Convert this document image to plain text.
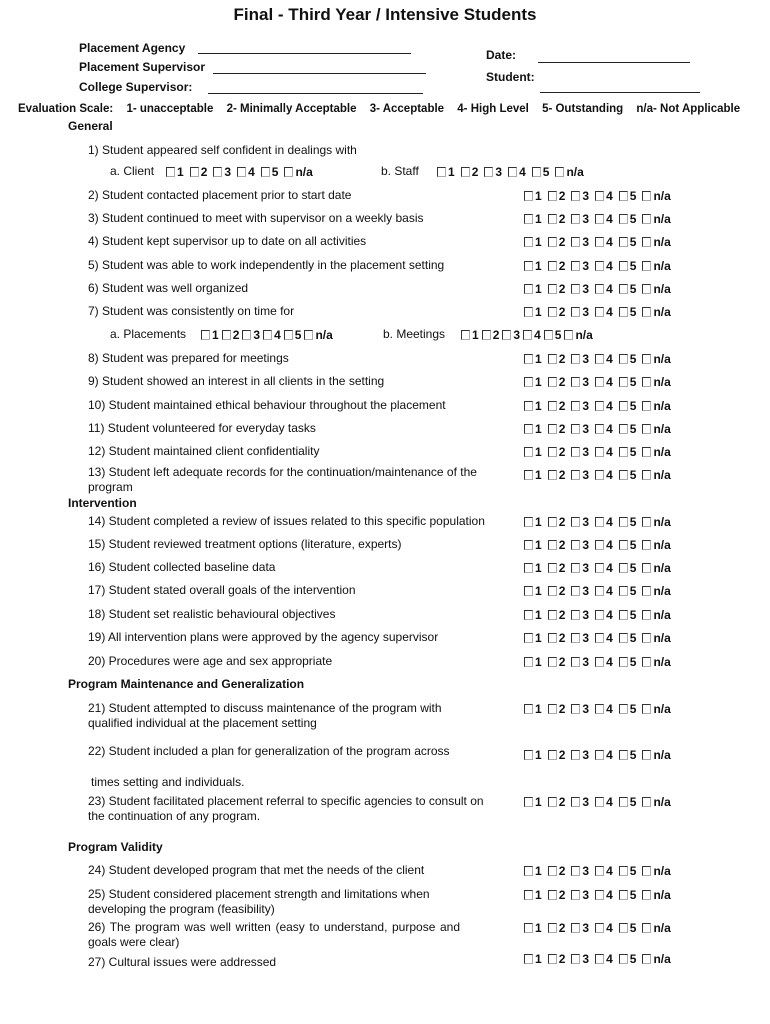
Final - Third Year / Intensive Students
Placement Agency
Placement Supervisor
College Supervisor:
Date:
Student:
Evaluation Scale: 1- unacceptable 2- Minimally Acceptable 3- Acceptable 4- High Level 5- Outstanding n/a- Not Applicable
General
1) Student appeared self confident in dealings with
a. Client 1 2 3 4 5 n/a	b. Staff 1 2 3 4 5 n/a
2) Student contacted placement prior to start date	1 2 3 4 5 n/a
3) Student continued to meet with supervisor on a weekly basis	1 2 3 4 5 n/a
4) Student kept supervisor up to date on all activities	1 2 3 4 5 n/a
5) Student was able to work independently in the placement setting	1 2 3 4 5 n/a
6) Student was well organized	1 2 3 4 5 n/a
7) Student was consistently on time for	1 2 3 4 5 n/a
a. Placements 1 2 3 4 5 n/a	b. Meetings 1 2 3 4 5 n/a
8) Student was prepared for meetings	1 2 3 4 5 n/a
9) Student showed an interest in all clients in the setting	1 2 3 4 5 n/a
10) Student maintained ethical behaviour throughout the placement	1 2 3 4 5 n/a
11) Student volunteered for everyday tasks	1 2 3 4 5 n/a
12) Student maintained client confidentiality	1 2 3 4 5 n/a
13) Student left adequate records for the continuation/maintenance of the program
1 2 3 4 5 n/a
Intervention
14) Student completed a review of issues related to this specific population	1 2 3 4 5 n/a
15) Student reviewed treatment options (literature, experts)	1 2 3 4 5 n/a
16) Student collected baseline data	1 2 3 4 5 n/a
17) Student stated overall goals of the intervention	1 2 3 4 5 n/a
18) Student set realistic behavioural objectives	1 2 3 4 5 n/a
19) All intervention plans were approved by the agency supervisor	1 2 3 4 5 n/a
20) Procedures were age and sex appropriate	1 2 3 4 5 n/a
Program Maintenance and Generalization
21) Student attempted to discuss maintenance of the program with qualified individual at the placement setting
1 2 3 4 5 n/a
22) Student included a plan for generalization of the program across
times setting and individuals.
1 2 3 4 5 n/a
23) Student facilitated placement referral to specific agencies to consult on the continuation of any program.
1 2 3 4 5 n/a
Program Validity
24) Student developed program that met the needs of the client	1 2 3 4 5 n/a
25) Student considered placement strength and limitations when developing the program (feasibility)
1 2 3 4 5 n/a
26) The program was well written (easy to understand, purpose and goals were clear)
1 2 3 4 5 n/a
27) Cultural issues were addressed	1 2 3 4 5 n/a
